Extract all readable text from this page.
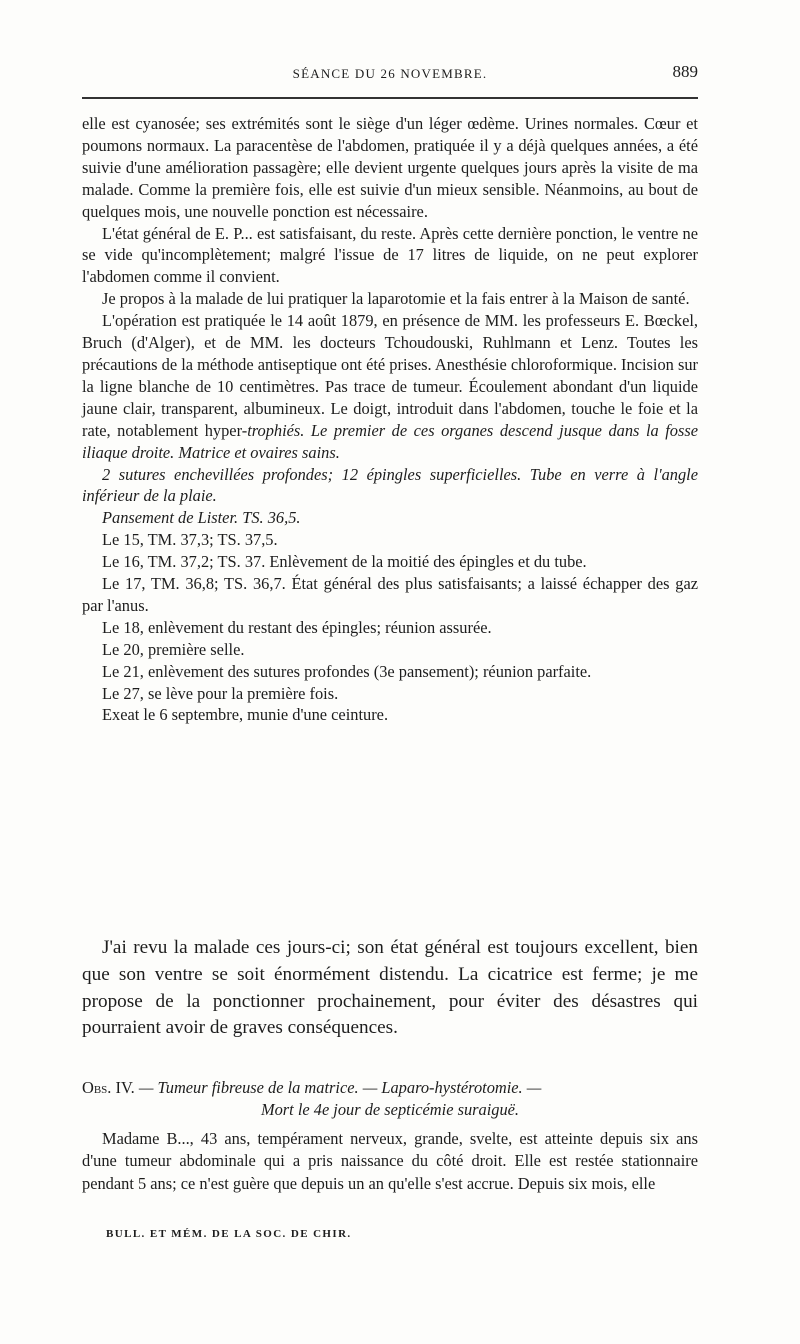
SÉANCE DU 26 NOVEMBRE.	889

elle est cyanosée; ses extrémités sont le siège d'un léger œdème. Urines normales. Cœur et poumons normaux. La paracentèse de l'abdomen, pratiquée il y a déjà quelques années, a été suivie d'une amélioration passagère; elle devient urgente quelques jours après la visite de ma malade. Comme la première fois, elle est suivie d'un mieux sensible. Néanmoins, au bout de quelques mois, une nouvelle ponction est nécessaire.

L'état général de E. P... est satisfaisant, du reste. Après cette dernière ponction, le ventre ne se vide qu'incomplètement; malgré l'issue de 17 litres de liquide, on ne peut explorer l'abdomen comme il convient.

Je propos à la malade de lui pratiquer la laparotomie et la fais entrer à la Maison de santé.

L'opération est pratiquée le 14 août 1879, en présence de MM. les professeurs E. Bœckel, Bruch (d'Alger), et de MM. les docteurs Tchoudouski, Ruhlmann et Lenz. Toutes les précautions de la méthode antiseptique ont été prises. Anesthésie chloroformique. Incision sur la ligne blanche de 10 centimètres. Pas trace de tumeur. Écoulement abondant d'un liquide jaune clair, transparent, albumineux. Le doigt, introduit dans l'abdomen, touche le foie et la rate, notablement hyper-trophiés. Le premier de ces organes descend jusque dans la fosse iliaque droite. Matrice et ovaires sains.

2 sutures enchevillées profondes; 12 épingles superficielles. Tube en verre à l'angle inférieur de la plaie.

Pansement de Lister. TS. 36,5.

Le 15, TM. 37,3; TS. 37,5.

Le 16, TM. 37,2; TS. 37. Enlèvement de la moitié des épingles et du tube.

Le 17, TM. 36,8; TS. 36,7. État général des plus satisfaisants; a laissé échapper des gaz par l'anus.

Le 18, enlèvement du restant des épingles; réunion assurée.

Le 20, première selle.

Le 21, enlèvement des sutures profondes (3e pansement); réunion parfaite.

Le 27, se lève pour la première fois.

Exeat le 6 septembre, munie d'une ceinture.

J'ai revu la malade ces jours-ci; son état général est toujours excellent, bien que son ventre se soit énormément distendu. La cicatrice est ferme; je me propose de la ponctionner prochainement, pour éviter des désastres qui pourraient avoir de graves conséquences.

Obs. IV. — Tumeur fibreuse de la matrice. — Laparo-hystérotomie. —

Mort le 4e jour de septicémie suraiguë.

Madame B..., 43 ans, tempérament nerveux, grande, svelte, est atteinte depuis six ans d'une tumeur abdominale qui a pris naissance du côté droit. Elle est restée stationnaire pendant 5 ans; ce n'est guère que depuis un an qu'elle s'est accrue. Depuis six mois, elle

BULL. ET MÉM. DE LA SOC. DE CHIR.
